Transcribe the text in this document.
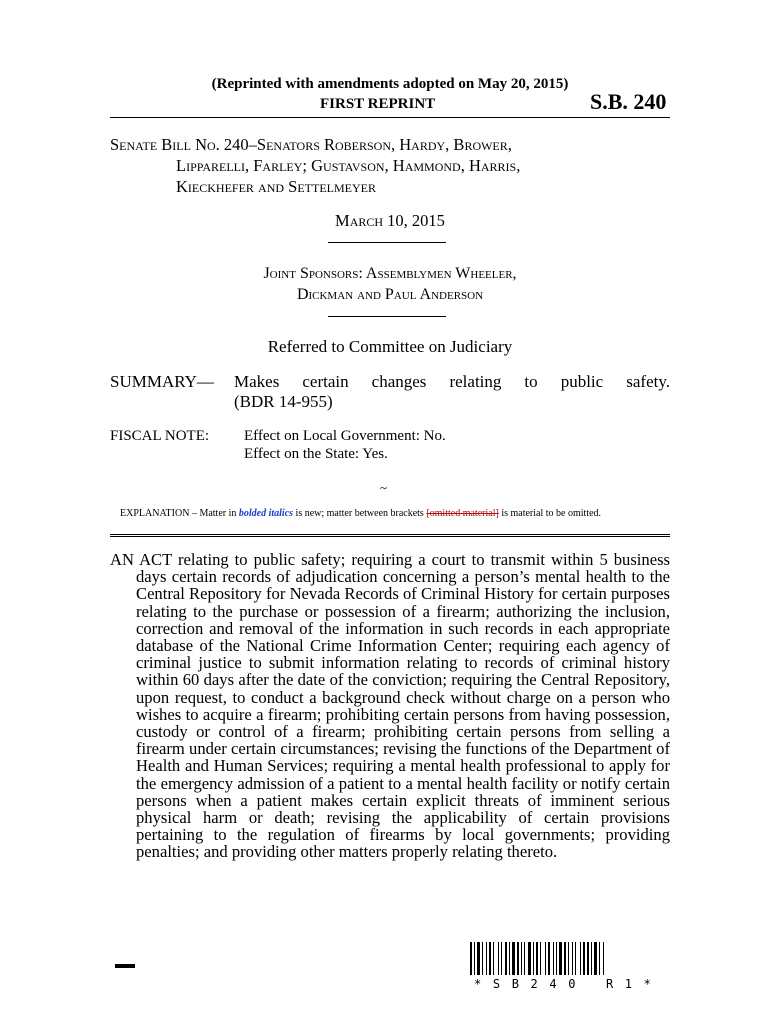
(Reprinted with amendments adopted on May 20, 2015)
FIRST REPRINT	S.B. 240
Senate Bill No. 240–Senators Roberson, Hardy, Brower,
Lipparelli, Farley; Gustavson, Hammond, Harris,
Kieckhefer and Settelmeyer
March 10, 2015
Joint Sponsors: Assemblymen Wheeler,
Dickman and Paul Anderson
Referred to Committee on Judiciary
SUMMARY— Makes certain changes relating to public safety.
(BDR 14-955)
FISCAL NOTE: Effect on Local Government: No.
Effect on the State: Yes.
~
EXPLANATION – Matter in bolded italics is new; matter between brackets [omitted material] is material to be omitted.

AN ACT relating to public safety; requiring a court to transmit within 5 business days certain records of adjudication concerning a person’s mental health to the Central Repository for Nevada Records of Criminal History for certain purposes relating to the purchase or possession of a firearm; authorizing the inclusion, correction and removal of the information in such records in each appropriate database of the National Crime Information Center; requiring each agency of criminal justice to submit information relating to records of criminal history within 60 days after the date of the conviction; requiring the Central Repository, upon request, to conduct a background check without charge on a person who wishes to acquire a firearm; prohibiting certain persons from having possession, custody or control of a firearm; prohibiting certain persons from selling a firearm under certain circumstances; revising the functions of the Department of Health and Human Services; requiring a mental health professional to apply for the emergency admission of a patient to a mental health facility or notify certain persons when a patient makes certain explicit threats of imminent serious physical harm or death; revising the applicability of certain provisions pertaining to the regulation of firearms by local governments; providing penalties; and providing other matters properly relating thereto.

* S B 2 4 0   R 1 *
